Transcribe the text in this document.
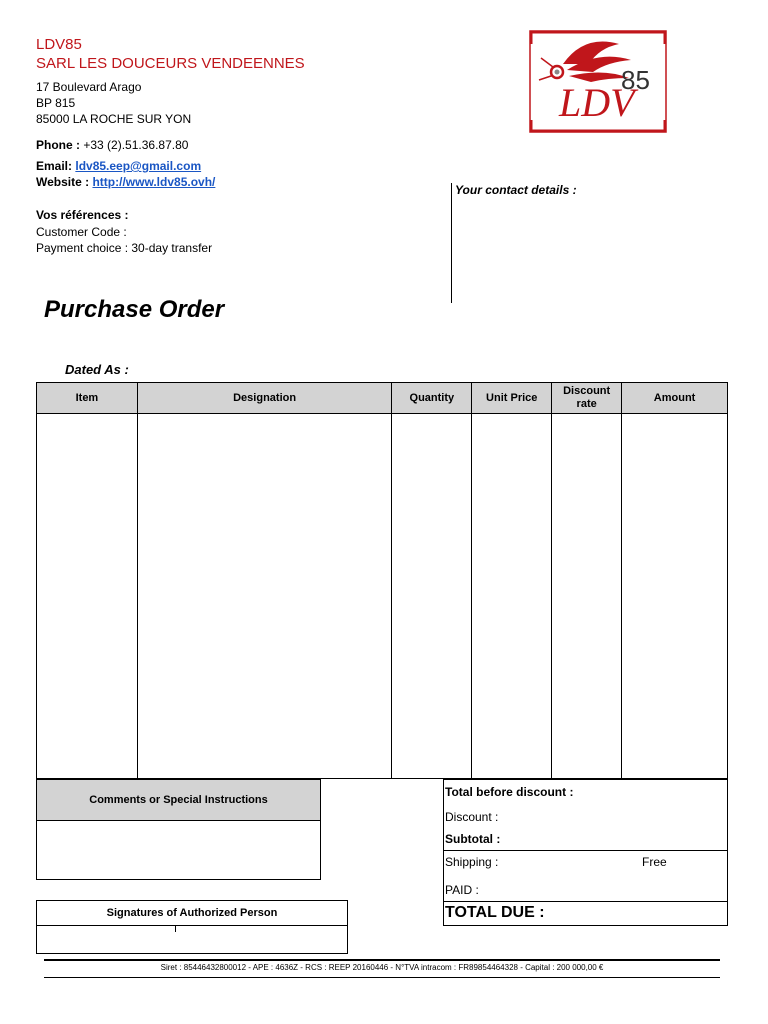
LDV85
SARL LES DOUCEURS VENDEENNES
17 Boulevard Arago
BP 815
85000 LA ROCHE SUR YON
Phone : +33 (2).51.36.87.80
Email: ldv85.eep@gmail.com
Website : http://www.ldv85.ovh/
Vos références :
Customer Code :
Payment choice : 30-day transfer
LDV
85
Your contact details :
Purchase Order
Dated As :
Item	Designation	Quantity	Unit Price	Discount rate	Amount

Comments or Special Instructions
Total before discount :
Discount :
Subtotal :
Shipping :	Free
PAID :
TOTAL DUE :
Signatures of Authorized Person
Siret : 85446432800012 - APE : 4636Z - RCS : REEP 20160446 - N°TVA intracom : FR89854464328 - Capital : 200 000,00 €
